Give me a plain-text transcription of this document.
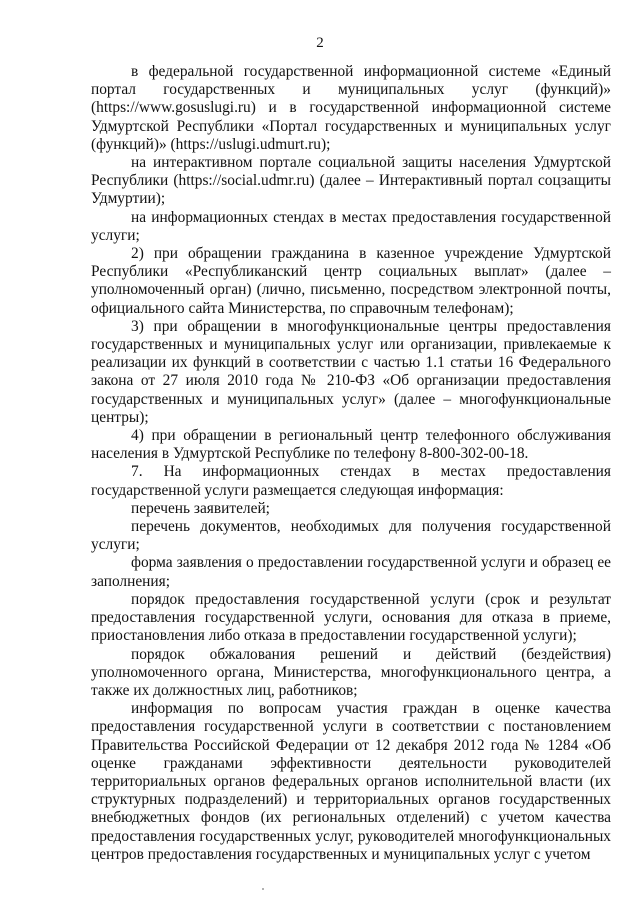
2

в федеральной государственной информационной системе «Единый портал государственных и муниципальных услуг (функций)» (https://www.gosuslugi.ru) и в государственной информационной системе Удмуртской Республики «Портал государственных и муниципальных услуг (функций)» (https://uslugi.udmurt.ru);

на интерактивном портале социальной защиты населения Удмуртской Республики (https://social.udmr.ru) (далее – Интерактивный портал соцзащиты Удмуртии);

на информационных стендах в местах предоставления государственной услуги;

2) при обращении гражданина в казенное учреждение Удмуртской Республики «Республиканский центр социальных выплат» (далее – уполномоченный орган) (лично, письменно, посредством электронной почты, официального сайта Министерства, по справочным телефонам);

3) при обращении в многофункциональные центры предоставления государственных и муниципальных услуг или организации, привлекаемые к реализации их функций в соответствии с частью 1.1 статьи 16 Федерального закона от 27 июля 2010 года № 210-ФЗ «Об организации предоставления государственных и муниципальных услуг» (далее – многофункциональные центры);

4) при обращении в региональный центр телефонного обслуживания населения в Удмуртской Республике по телефону 8-800-302-00-18.

7. На информационных стендах в местах предоставления государственной услуги размещается следующая информация:

перечень заявителей;

перечень документов, необходимых для получения государственной услуги;

форма заявления о предоставлении государственной услуги и образец ее заполнения;

порядок предоставления государственной услуги (срок и результат предоставления государственной услуги, основания для отказа в приеме, приостановления либо отказа в предоставлении государственной услуги);

порядок обжалования решений и действий (бездействия) уполномоченного органа, Министерства, многофункционального центра, а также их должностных лиц, работников;

информация по вопросам участия граждан в оценке качества предоставления государственной услуги в соответствии с постановлением Правительства Российской Федерации от 12 декабря 2012 года № 1284 «Об оценке гражданами эффективности деятельности руководителей территориальных органов федеральных органов исполнительной власти (их структурных подразделений) и территориальных органов государственных внебюджетных фондов (их региональных отделений) с учетом качества предоставления государственных услуг, руководителей многофункциональных центров предоставления государственных и муниципальных услуг с учетом
